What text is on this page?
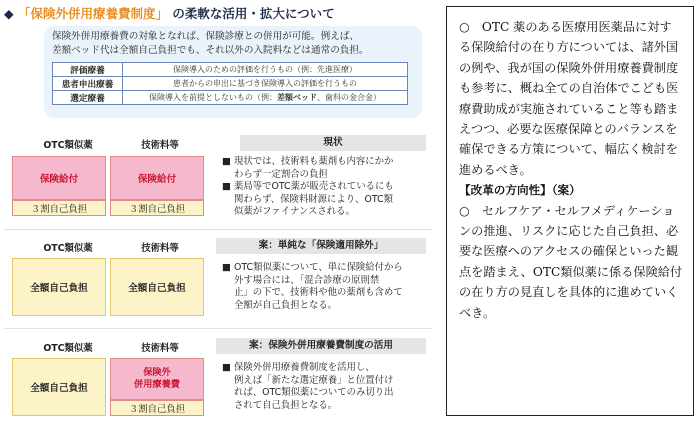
◆ 「保険外併用療養費制度」 の柔軟な活用・拡大について
保険外併用療養費の対象となれば、保険診療との併用が可能。例えば、
差額ベッド代は全額自己負担でも、それ以外の入院料などは通常の負担。
評価療養	保険導入のための評価を行うもの（例：先進医療）
患者申出療養	患者からの申出に基づき保険導入の評価を行うもの
選定療養	保険導入を前提としないもの（例：差額ベッド、歯科の金合金）
OTC類似薬	技術料等	現状
保険給付	保険給付
３割自己負担	３割自己負担
■ 現状では、技術料も薬剤も内容にかか
わらず一定割合の負担
■ 薬局等でOTC薬が販売されているにも
関わらず、保険料財源により、OTC類
似薬がファイナンスされる。
OTC類似薬	技術料等	案：単純な「保険適用除外」
全額自己負担	全額自己負担
■ OTC類似薬について、単に保険給付から
外す場合には、「混合診療の原則禁
止」の下で、技術料や他の薬剤も含めて
全額が自己負担となる。
OTC類似薬	技術料等	案：保険外併用療養費制度の活用
全額自己負担
保険外
併用療養費
３割自己負担
■ 保険外併用療養費制度を活用し、
例えば「新たな選定療養」と位置付け
れば、OTC類似薬についてのみ切り出
されて自己負担となる。

○　OTC 薬のある医療用医薬品に対する保険給付の在り方については、諸外国の例や、我が国の保険外併用療養費制度も参考に、概ね全ての自治体でこども医療費助成が実施されていること等も踏まえつつ、必要な医療保障とのバランスを確保できる方策について、幅広く検討を進めるべき。

【改革の方向性】（案）

○　セルフケア・セルフメディケーションの推進、リスクに応じた自己負担、必要な医療へのアクセスの確保といった観点を踏まえ、OTC類似薬に係る保険給付の在り方の見直しを具体的に進めていくべき。
